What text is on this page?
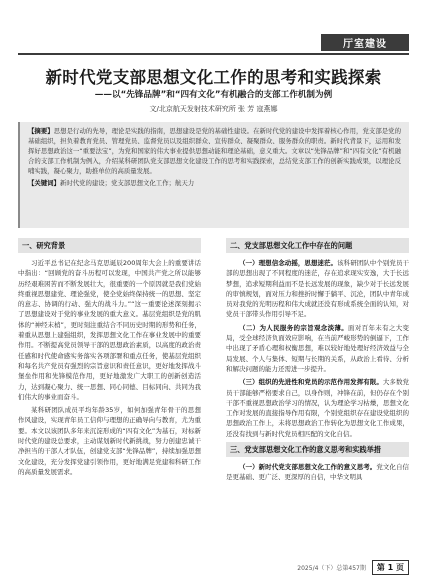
厅室建设
新时代党支部思想文化工作的思考和实践探索
——以“先锋品牌”和“四有文化”有机融合的支部工作机制为例
文/北京航天发射技术研究所 张 芳 寇燕娜
【摘要】思想是行动的先导，理论是实践的指南，思想建设是党的基础性建设。在新时代党的建设中发挥着核心作用，党支部是党的基础组织，担负着教育党员、管理党员、监督党员以及组织群众、宣传群众、凝聚群众、服务群众的职责。新时代背景下，运用和发挥好思想政治这一“重要法宝”，为党和国家的伟大事业提供思想动能和理论基础，意义重大。文章以“先锋品牌”和“四有文化”有机融合的支部工作机制为例入，介绍某科研团队党支部思想文化建设工作的思考和实践探索，总结党支部工作的创新实践成果，以理论反哺实践，凝心聚力，助推单位的高质量发展。
【关键词】新时代党的建设；党支部思想文化工作；航天力
一、研究背景

习近平总书记在纪念马克思诞辰200周年大会上的重要讲话中指出：“回顾党的奋斗历程可以发现，中国共产党之所以能够历经艰难困苦而不断发展壮大，很重要的一个原因就是我们党始终重视思想建党、理论强党，使全党始终保持统一的思想、坚定的意志、协调的行动、强大的战斗力。”“这一重要论述深刻揭示了思想建设对于党的事业发展的重大意义。基层党组织是党的肌体的“神经末梢”，更时刻注重结合不同历史时期的形势和任务，着重从思想上建强组织，发挥思想文化工作在事业发展中的重要作用。不断提高党员领导干部的思想政治素质，以高度的政治责任感和时代使命感实务落实各项部署和重点任务，使基层党组织和每名共产党员有强烈的宗旨意识和责任意识，更好地发挥战斗堡垒作用和先锋模范作用，更好地激发广大职工的创新创造活力，达到凝心聚力、统一思想、同心同德、目标同向、共同为我们伟大的事业而奋斗。

某科研团队成员平均年龄35岁，如何加强青年骨干的思想作风建设，实现青年员工信仰与理想的正确导向与教育，尤为重要。本文以该团队多年来沉淀形成的“四有文化”为基石，对标新时代党的建设总要求，主动谋划新时代新挑战，努力创建忠诚干净担当的干部人才队伍，创建党支部“先锋品牌”，持续加强思想文化建设，充分发挥党建引领作用，更好地满足党建和科研工作的高质量发展需求。

二、党支部思想文化工作中存在的问题

（一）理想信念动摇，思想迷茫。该科研团队中个别党员干部的思想出现了不同程度的迷茫，存在追求现实安逸，大于长远梦想，追求短期利益而不是长远发展的现象，缺少对于长远发展的审慎规划，面对压力和挫折时懈于躺平、沉沦，团队中青年成员对我党的光明历程和伟大成就还没有形成系统全面的认知，对党员干部带头作用引导不足。

（二）为人民服务的宗旨观念淡薄。面对百年未有之大变局，受全球经济负面效应影响，在当前严峻形势的倒逼下，工作中出现了矛盾心理和权衡思想，难以较好地处理好经济效益与全局发展、个人与集体、短期与长期的关系，从政治上看待、分析和解决问题的能力还需进一步提升。

（三）组织的先进性和党员的示范作用发挥有限。大多数党员干部能够严格要求自己，以身作则，冲锋在前，但仍存在个别干部不重视思想政治学习的情况，认为理论学习枯燥，思想文化工作对发展的直接指导作用有限，个别党组织存在建设党组织的思想政治工作上，未将思想政治工作转化为思想文化工作成果，还没有找到与新时代党员相匹配的文化自信。

三、党支部思想文化工作的意义思考和实践举措

（一）新时代党支部思想文化工作的意义思考。党文化自信是更基础、更广泛、更深厚的自信，中华文明具

2025/4（下）总第457期	第 1 页
